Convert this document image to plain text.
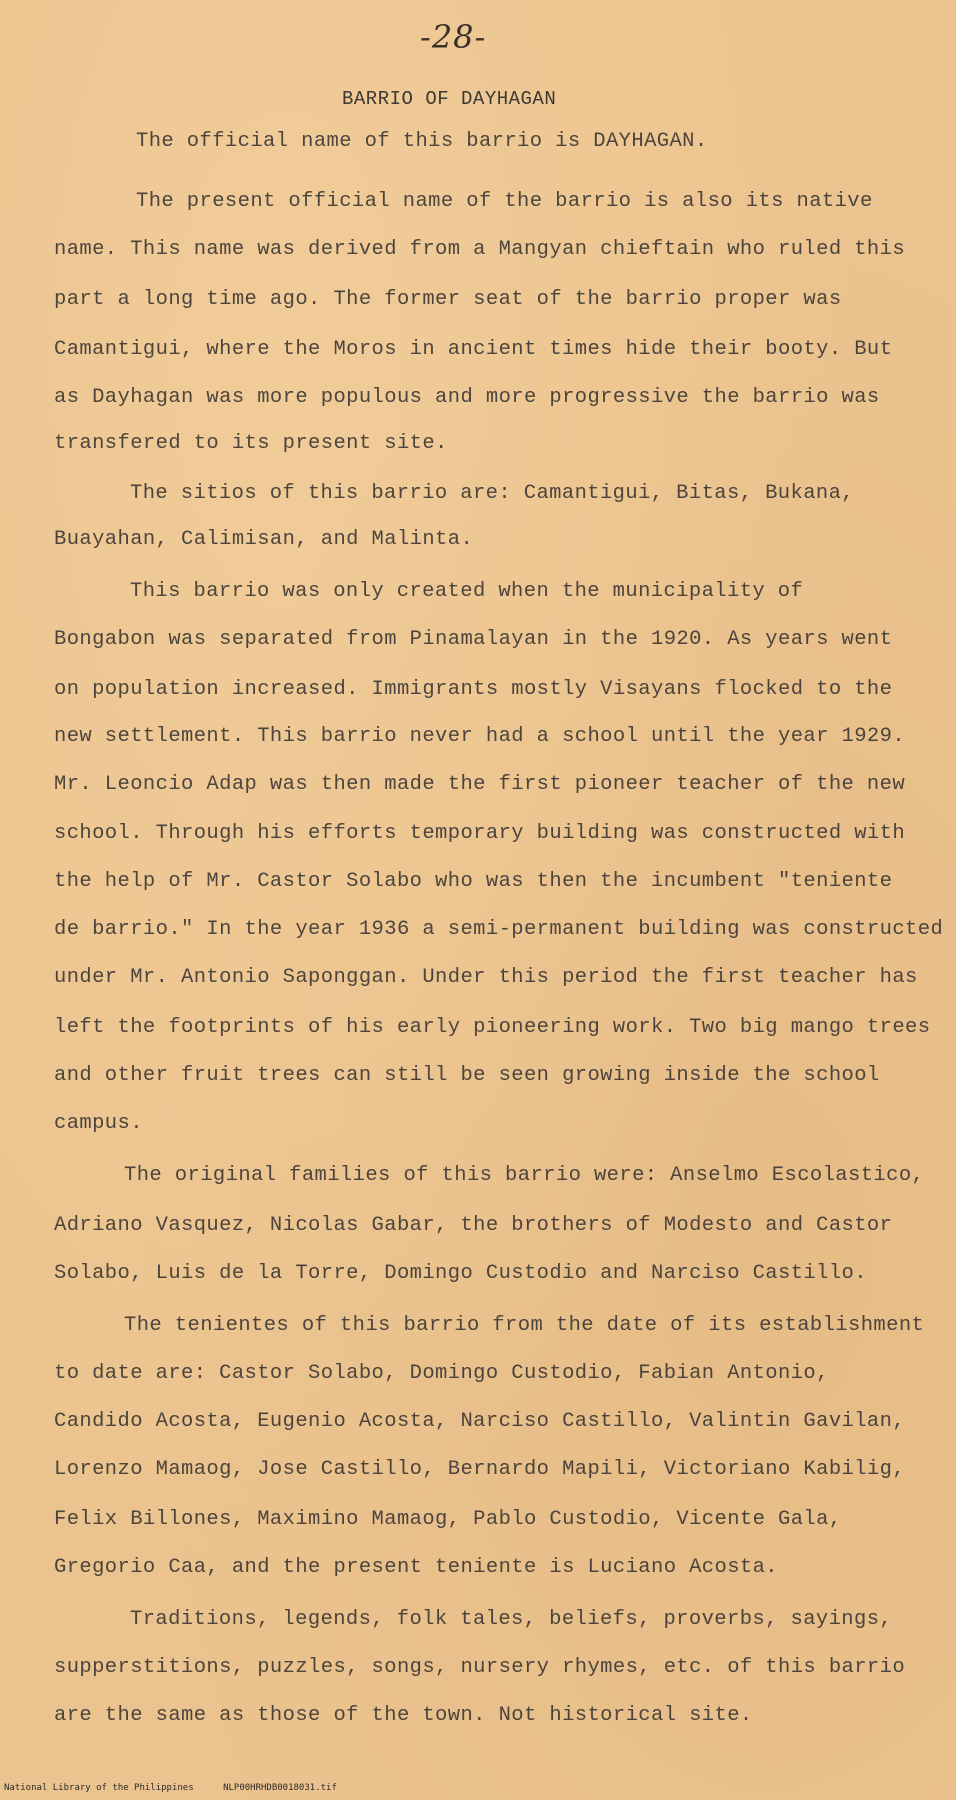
-28-
BARRIO OF DAYHAGAN
The official name of this barrio is DAYHAGAN.
The present official name of the barrio is also its native
name. This name was derived from a Mangyan chieftain who ruled this
part a long time ago. The former seat of the barrio proper was
Camantigui, where the Moros in ancient times hide their booty. But
as Dayhagan was more populous and more progressive the barrio was
transfered to its present site.
The sitios of this barrio are: Camantigui, Bitas, Bukana,
Buayahan, Calimisan, and Malinta.
This barrio was only created when the municipality of
Bongabon was separated from Pinamalayan in the 1920. As years went
on population increased. Immigrants mostly Visayans flocked to the
new settlement. This barrio never had a school until the year 1929.
Mr. Leoncio Adap was then made the first pioneer teacher of the new
school. Through his efforts temporary building was constructed with
the help of Mr. Castor Solabo who was then the incumbent "teniente
de barrio." In the year 1936 a semi-permanent building was constructed
under Mr. Antonio Saponggan. Under this period the first teacher has
left the footprints of his early pioneering work. Two big mango trees
and other fruit trees can still be seen growing inside the school
campus.
The original families of this barrio were: Anselmo Escolastico,
Adriano Vasquez, Nicolas Gabar, the brothers of Modesto and Castor
Solabo, Luis de la Torre, Domingo Custodio and Narciso Castillo.
The tenientes of this barrio from the date of its establishment
to date are: Castor Solabo, Domingo Custodio, Fabian Antonio,
Candido Acosta, Eugenio Acosta, Narciso Castillo, Valintin Gavilan,
Lorenzo Mamaog, Jose Castillo, Bernardo Mapili, Victoriano Kabilig,
Felix Billones, Maximino Mamaog, Pablo Custodio, Vicente Gala,
Gregorio Caa, and the present teniente is Luciano Acosta.
Traditions, legends, folk tales, beliefs, proverbs, sayings,
supperstitions, puzzles, songs, nursery rhymes, etc. of this barrio
are the same as those of the town. Not historical site.
National Library of the Philippines	NLP00HRHDB0018031.tif
